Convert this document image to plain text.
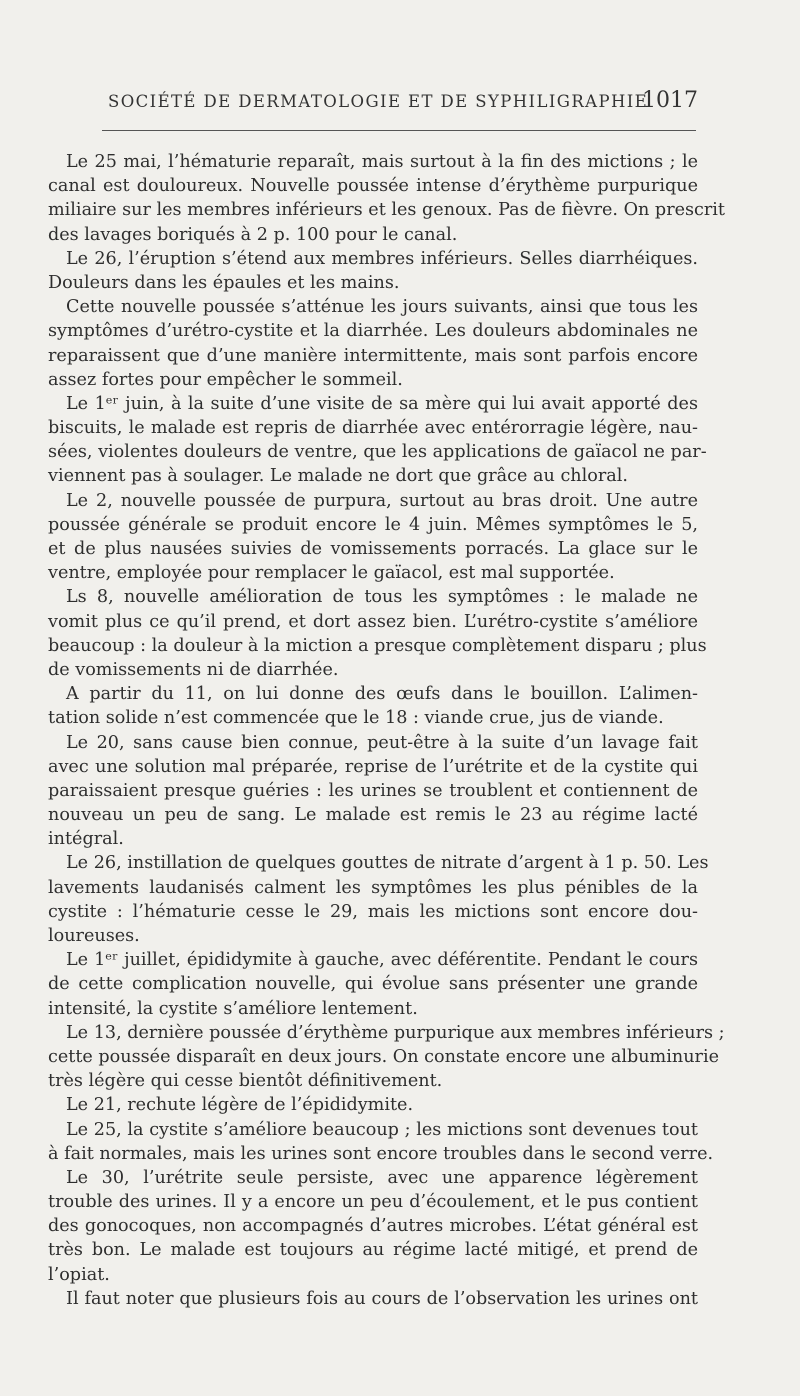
SOCIÉTÉ DE DERMATOLOGIE ET DE SYPHILIGRAPHIE
1017
Le 25 mai, l’hématurie reparaît, mais surtout à la fin des mictions ; le
canal est douloureux. Nouvelle poussée intense d’érythème purpurique
miliaire sur les membres inférieurs et les genoux. Pas de fièvre. On prescrit
des lavages boriqués à 2 p. 100 pour le canal.
Le 26, l’éruption s’étend aux membres inférieurs. Selles diarrhéiques.
Douleurs dans les épaules et les mains.
Cette nouvelle poussée s’atténue les jours suivants, ainsi que tous les
symptômes d’urétro-cystite et la diarrhée. Les douleurs abdominales ne
reparaissent que d’une manière intermittente, mais sont parfois encore
assez fortes pour empêcher le sommeil.
Le 1ᵉʳ juin, à la suite d’une visite de sa mère qui lui avait apporté des
biscuits, le malade est repris de diarrhée avec entérorragie légère, nau-
sées, violentes douleurs de ventre, que les applications de gaïacol ne par-
viennent pas à soulager. Le malade ne dort que grâce au chloral.
Le 2, nouvelle poussée de purpura, surtout au bras droit. Une autre
poussée générale se produit encore le 4 juin. Mêmes symptômes le 5,
et de plus nausées suivies de vomissements porracés. La glace sur le
ventre, employée pour remplacer le gaïacol, est mal supportée.
Ls 8, nouvelle amélioration de tous les symptômes : le malade ne
vomit plus ce qu’il prend, et dort assez bien. L’urétro-cystite s’améliore
beaucoup : la douleur à la miction a presque complètement disparu ; plus
de vomissements ni de diarrhée.
A partir du 11, on lui donne des œufs dans le bouillon. L’alimen-
tation solide n’est commencée que le 18 : viande crue, jus de viande.
Le 20, sans cause bien connue, peut-être à la suite d’un lavage fait
avec une solution mal préparée, reprise de l’urétrite et de la cystite qui
paraissaient presque guéries : les urines se troublent et contiennent de
nouveau un peu de sang. Le malade est remis le 23 au régime lacté
intégral.
Le 26, instillation de quelques gouttes de nitrate d’argent à 1 p. 50. Les
lavements laudanisés calment les symptômes les plus pénibles de la
cystite : l’hématurie cesse le 29, mais les mictions sont encore dou-
loureuses.
Le 1ᵉʳ juillet, épididymite à gauche, avec déférentite. Pendant le cours
de cette complication nouvelle, qui évolue sans présenter une grande
intensité, la cystite s’améliore lentement.
Le 13, dernière poussée d’érythème purpurique aux membres inférieurs ;
cette poussée disparaît en deux jours. On constate encore une albuminurie
très légère qui cesse bientôt définitivement.
Le 21, rechute légère de l’épididymite.
Le 25, la cystite s’améliore beaucoup ; les mictions sont devenues tout
à fait normales, mais les urines sont encore troubles dans le second verre.
Le 30, l’urétrite seule persiste, avec une apparence légèrement
trouble des urines. Il y a encore un peu d’écoulement, et le pus contient
des gonocoques, non accompagnés d’autres microbes. L’état général est
très bon. Le malade est toujours au régime lacté mitigé, et prend de
l’opiat.
Il faut noter que plusieurs fois au cours de l’observation les urines ont
